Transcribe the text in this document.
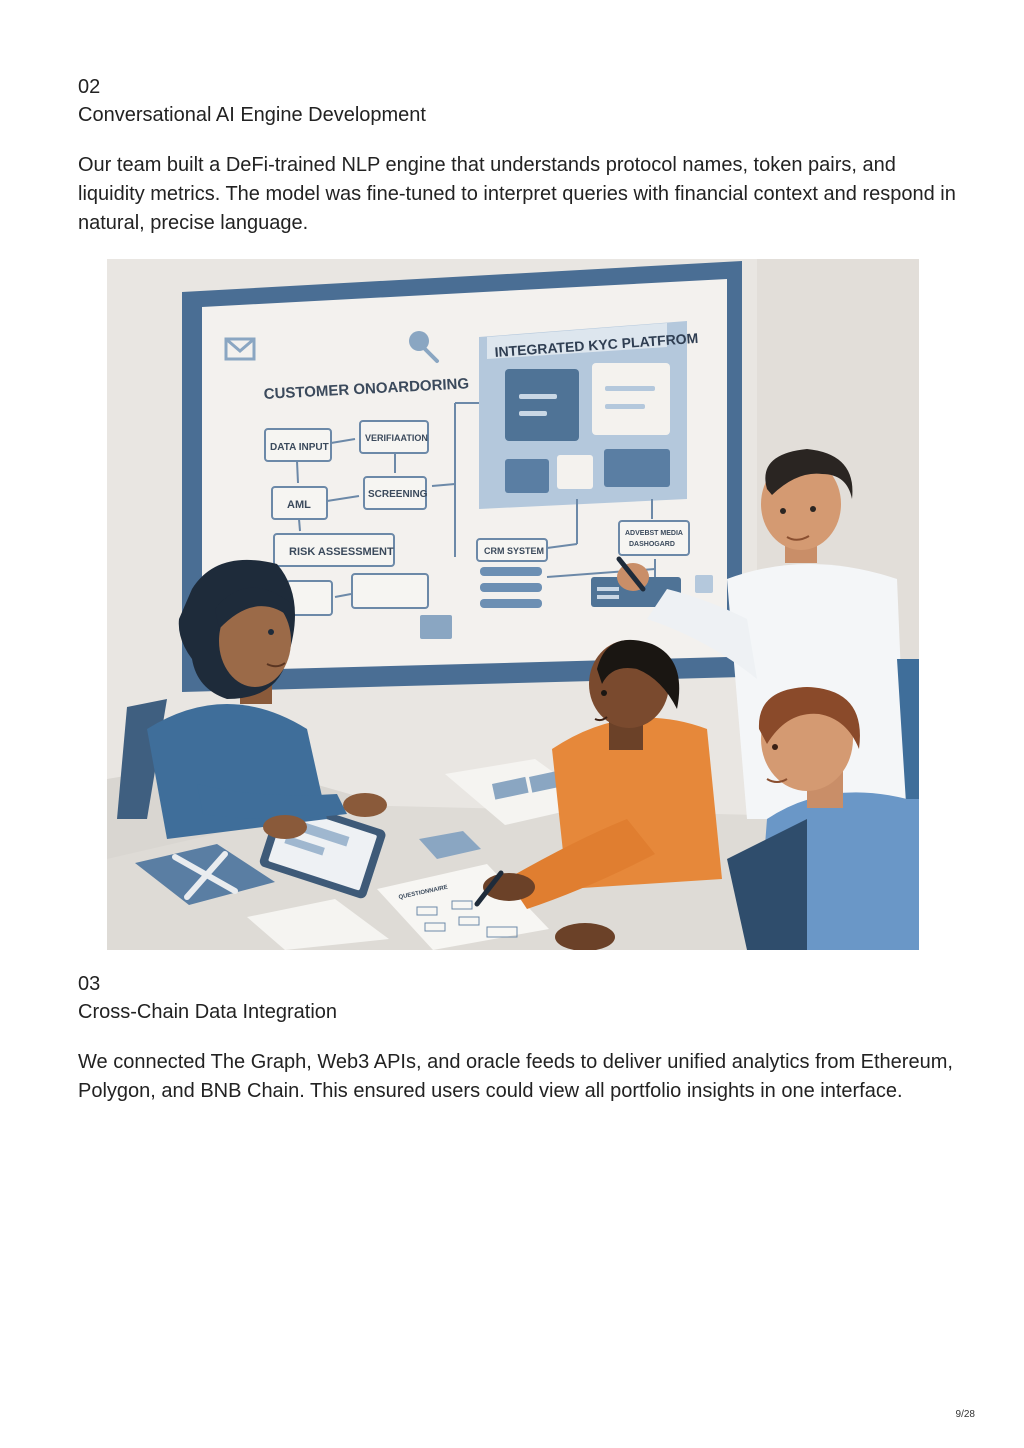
02
Conversational AI Engine Development

Our team built a DeFi-trained NLP engine that understands protocol names, token pairs, and liquidity metrics. The model was fine-tuned to interpret queries with financial context and respond in natural, precise language.

CUSTOMER ONOARDORING
DATA INPUT
VERIFIAATION
AML
SCREENING
RISK ASSESSMENT
INTEGRATED KYC PLATFROM
CRM SYSTEM
ADVEBST MEDIA
DASHOGARD
QUESTIONNAIRE
03
Cross-Chain Data Integration

We connected The Graph, Web3 APIs, and oracle feeds to deliver unified analytics from Ethereum, Polygon, and BNB Chain. This ensured users could view all portfolio insights in one interface.

9/28
